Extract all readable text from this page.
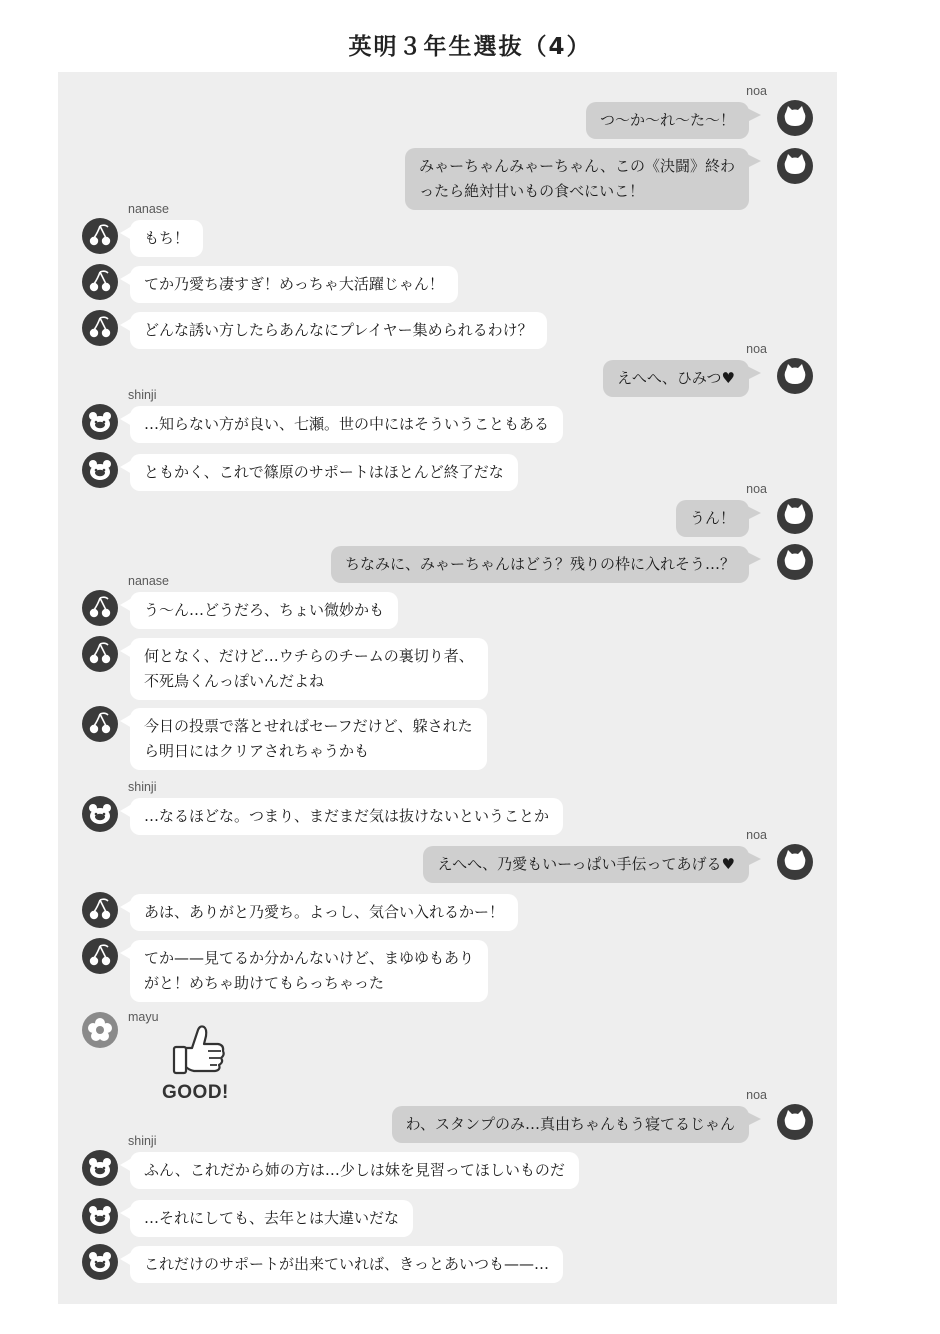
英明３年生選抜（4）
noa
つ〜か〜れ〜た〜！
みゃーちゃんみゃーちゃん、この《決闘》終わ
ったら絶対甘いもの食べにいこ！
nanase
もち！
てか乃愛ち凄すぎ！めっちゃ大活躍じゃん！
どんな誘い方したらあんなにプレイヤー集められるわけ？
noa
えへへ、ひみつ♥
shinji
…知らない方が良い、七瀬。世の中にはそういうこともある
ともかく、これで篠原のサポートはほとんど終了だな
noa
うん！
ちなみに、みゃーちゃんはどう？残りの枠に入れそう…？
nanase
う〜ん…どうだろ、ちょい微妙かも
何となく、だけど…ウチらのチームの裏切り者、
不死鳥くんっぽいんだよね
今日の投票で落とせればセーフだけど、躱された
ら明日にはクリアされちゃうかも
shinji
…なるほどな。つまり、まだまだ気は抜けないということか
noa
えへへ、乃愛もいーっぱい手伝ってあげる♥
あは、ありがと乃愛ち。よっし、気合い入れるかー！
てか——見てるか分かんないけど、まゆゆもあり
がと！めちゃ助けてもらっちゃった
mayu
GOOD!	noa
わ、スタンプのみ…真由ちゃんもう寝てるじゃん
shinji
ふん、これだから姉の方は…少しは妹を見習ってほしいものだ
…それにしても、去年とは大違いだな
これだけのサポートが出来ていれば、きっとあいつも——…
